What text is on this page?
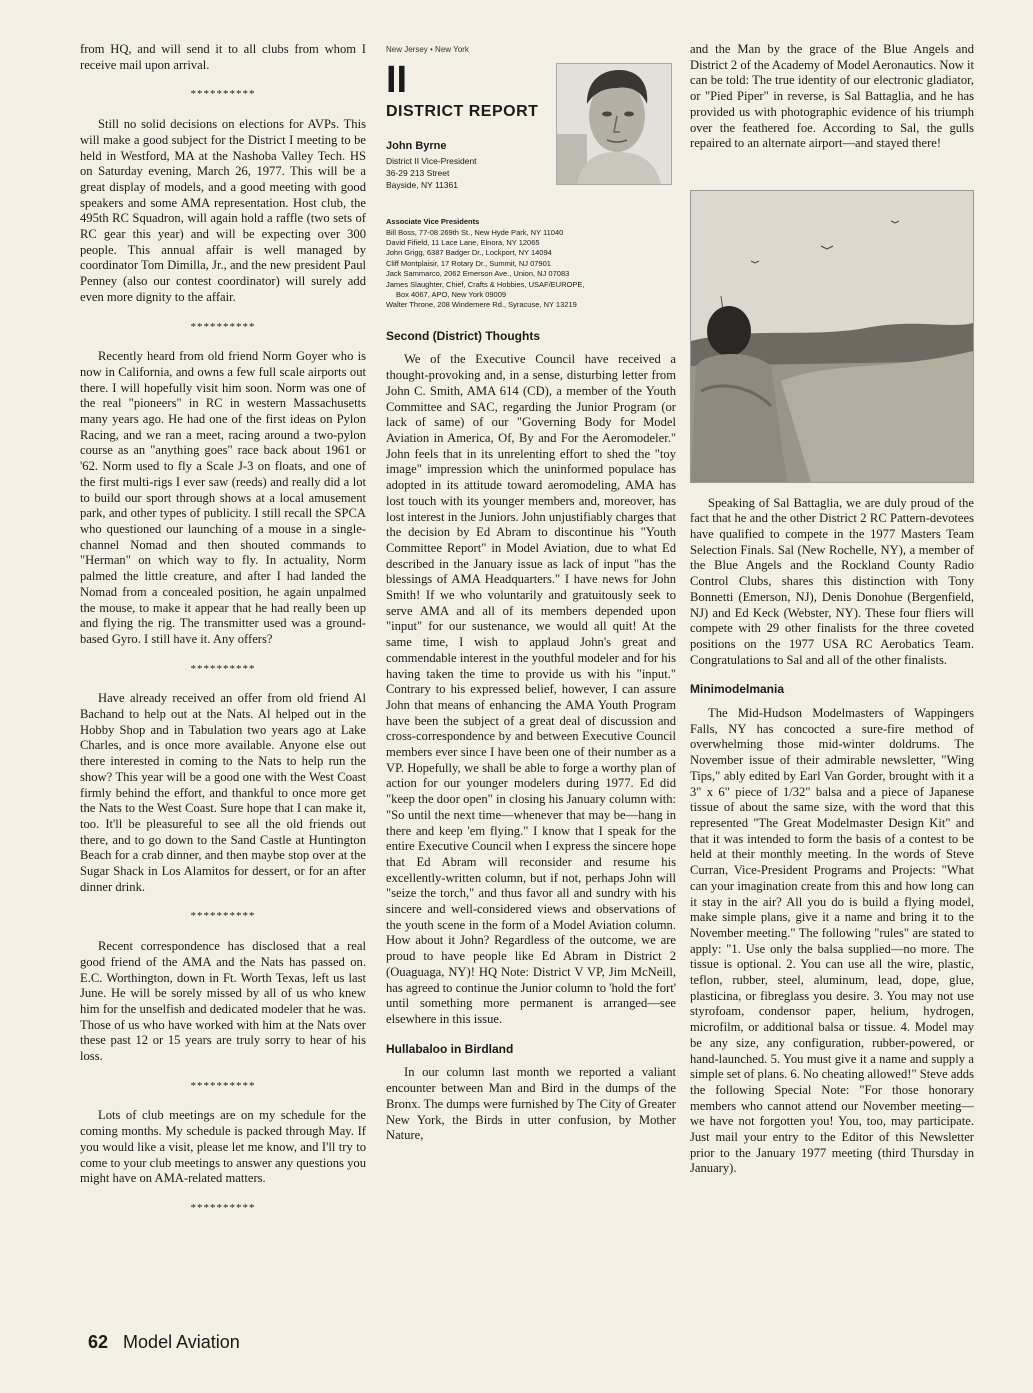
from HQ, and will send it to all clubs from whom I receive mail upon arrival.

**********

Still no solid decisions on elections for AVPs. This will make a good subject for the District I meeting to be held in Westford, MA at the Nashoba Valley Tech. HS on Saturday evening, March 26, 1977. This will be a great display of models, and a good meeting with good speakers and some AMA representation. Host club, the 495th RC Squadron, will again hold a raffle (two sets of RC gear this year) and will be expecting over 300 people. This annual affair is well managed by coordinator Tom Dimilla, Jr., and the new president Paul Penney (also our contest coordinator) will surely add even more dignity to the affair.

**********

Recently heard from old friend Norm Goyer who is now in California, and owns a few full scale airports out there. I will hopefully visit him soon. Norm was one of the real "pioneers" in RC in western Massachusetts many years ago. He had one of the first ideas on Pylon Racing, and we ran a meet, racing around a two-pylon course as an "anything goes" race back about 1961 or '62. Norm used to fly a Scale J-3 on floats, and one of the first multi-rigs I ever saw (reeds) and really did a lot to build our sport through shows at a local amusement park, and other types of publicity. I still recall the SPCA who questioned our launching of a mouse in a single-channel Nomad and then shouted commands to "Herman" on which way to fly. In actuality, Norm palmed the little creature, and after I had landed the Nomad from a concealed position, he again unpalmed the mouse, to make it appear that he had really been up and flying the rig. The transmitter used was a ground-based Gyro. I still have it. Any offers?

**********

Have already received an offer from old friend Al Bachand to help out at the Nats. Al helped out in the Hobby Shop and in Tabulation two years ago at Lake Charles, and is once more available. Anyone else out there interested in coming to the Nats to help run the show? This year will be a good one with the West Coast firmly behind the effort, and thankful to once more get the Nats to the West Coast. Sure hope that I can make it, too. It'll be pleasureful to see all the old friends out there, and to go down to the Sand Castle at Huntington Beach for a crab dinner, and then maybe stop over at the Sugar Shack in Los Alamitos for dessert, or for an after dinner drink.

**********

Recent correspondence has disclosed that a real good friend of the AMA and the Nats has passed on. E.C. Worthington, down in Ft. Worth Texas, left us last June. He will be sorely missed by all of us who knew him for the unselfish and dedicated modeler that he was. Those of us who have worked with him at the Nats over these past 12 or 15 years are truly sorry to hear of his loss.

**********

Lots of club meetings are on my schedule for the coming months. My schedule is packed through May. If you would like a visit, please let me know, and I'll try to come to your club meetings to answer any questions you might have on AMA-related matters.

**********
New Jersey • New York
II
DISTRICT REPORT
John Byrne
District II Vice-President
36-29 213 Street
Bayside, NY 11361
Associate Vice Presidents
Bill Boss, 77-08 269th St., New Hyde Park, NY 11040
David Fifield, 11 Lace Lane, Elnora, NY 12065
John Grigg, 6387 Badger Dr., Lockport, NY 14094
Cliff Montplaisir, 17 Rotary Dr., Summit, NJ 07901
Jack Sammarco, 2062 Emerson Ave., Union, NJ 07083
James Slaughter, Chief, Crafts & Hobbies, USAF/EUROPE,
Box 4067, APO, New York 09009
Walter Throne, 208 Windemere Rd., Syracuse, NY 13219
Second (District) Thoughts

We of the Executive Council have received a thought-provoking and, in a sense, disturbing letter from John C. Smith, AMA 614 (CD), a member of the Youth Committee and SAC, regarding the Junior Program (or lack of same) of our "Governing Body for Model Aviation in America, Of, By and For the Aeromodeler." John feels that in its unrelenting effort to shed the "toy image" impression which the uninformed populace has adopted in its attitude toward aeromodeling, AMA has lost touch with its younger members and, moreover, has lost interest in the Juniors. John unjustifiably charges that the decision by Ed Abram to discontinue his "Youth Committee Report" in Model Aviation, due to what Ed described in the January issue as lack of input "has the blessings of AMA Headquarters." I have news for John Smith! If we who voluntarily and gratuitously seek to serve AMA and all of its members depended upon "input" for our sustenance, we would all quit! At the same time, I wish to applaud John's great and commendable interest in the youthful modeler and for his having taken the time to provide us with his "input." Contrary to his expressed belief, however, I can assure John that means of enhancing the AMA Youth Program have been the subject of a great deal of discussion and cross-correspondence by and between Executive Council members ever since I have been one of their number as a VP. Hopefully, we shall be able to forge a worthy plan of action for our younger modelers during 1977. Ed did "keep the door open" in closing his January column with: "So until the next time—whenever that may be—hang in there and keep 'em flying." I know that I speak for the entire Executive Council when I express the sincere hope that Ed Abram will reconsider and resume his excellently-written column, but if not, perhaps John will "seize the torch," and thus favor all and sundry with his sincere and well-considered views and observations of the youth scene in the form of a Model Aviation column. How about it John? Regardless of the outcome, we are proud to have people like Ed Abram in District 2 (Ouaguaga, NY)! HQ Note: District V VP, Jim McNeill, has agreed to continue the Junior column to 'hold the fort' until something more permanent is arranged—see elsewhere in this issue.

Hullabaloo in Birdland

In our column last month we reported a valiant encounter between Man and Bird in the dumps of the Bronx. The dumps were furnished by The City of Greater New York, the Birds in utter confusion, by Mother Nature,

and the Man by the grace of the Blue Angels and District 2 of the Academy of Model Aeronautics. Now it can be told: The true identity of our electronic gladiator, or "Pied Piper" in reverse, is Sal Battaglia, and he has provided us with photographic evidence of his triumph over the feathered foe. According to Sal, the gulls repaired to an alternate airport—and stayed there!

Speaking of Sal Battaglia, we are duly proud of the fact that he and the other District 2 RC Pattern-devotees have qualified to compete in the 1977 Masters Team Selection Finals. Sal (New Rochelle, NY), a member of the Blue Angels and the Rockland County Radio Control Clubs, shares this distinction with Tony Bonnetti (Emerson, NJ), Denis Donohue (Bergenfield, NJ) and Ed Keck (Webster, NY). These four fliers will compete with 29 other finalists for the three coveted positions on the 1977 USA RC Aerobatics Team. Congratulations to Sal and all of the other finalists.

Minimodelmania

The Mid-Hudson Modelmasters of Wappingers Falls, NY has concocted a sure-fire method of overwhelming those mid-winter doldrums. The November issue of their admirable newsletter, "Wing Tips," ably edited by Earl Van Gorder, brought with it a 3" x 6" piece of 1/32" balsa and a piece of Japanese tissue of about the same size, with the word that this represented "The Great Modelmaster Design Kit" and that it was intended to form the basis of a contest to be held at their monthly meeting. In the words of Steve Curran, Vice-President Programs and Projects: "What can your imagination create from this and how long can it stay in the air? All you do is build a flying model, make simple plans, give it a name and bring it to the November meeting." The following "rules" are stated to apply: "1. Use only the balsa supplied—no more. The tissue is optional. 2. You can use all the wire, plastic, teflon, rubber, steel, aluminum, lead, dope, glue, plasticina, or fibreglass you desire. 3. You may not use styrofoam, condensor paper, helium, hydrogen, microfilm, or additional balsa or tissue. 4. Model may be any size, any configuration, rubber-powered, or hand-launched. 5. You must give it a name and supply a simple set of plans. 6. No cheating allowed!" Steve adds the following Special Note: "For those honorary members who cannot attend our November meeting—we have not forgotten you! You, too, may participate. Just mail your entry to the Editor of this Newsletter prior to the January 1977 meeting (third Thursday in January).

62 Model Aviation
